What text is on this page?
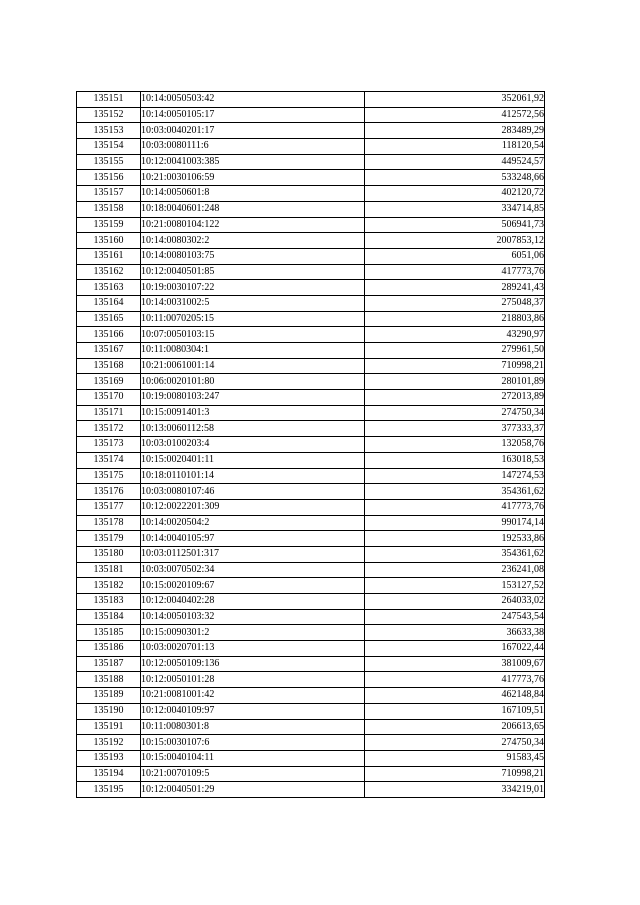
135151	10:14:0050503:42	352061,92
135152	10:14:0050105:17	412572,56
135153	10:03:0040201:17	283489,29
135154	10:03:0080111:6	118120,54
135155	10:12:0041003:385	449524,57
135156	10:21:0030106:59	533248,66
135157	10:14:0050601:8	402120,72
135158	10:18:0040601:248	334714,85
135159	10:21:0080104:122	506941,73
135160	10:14:0080302:2	2007853,12
135161	10:14:0080103:75	6051,06
135162	10:12:0040501:85	417773,76
135163	10:19:0030107:22	289241,43
135164	10:14:0031002:5	275048,37
135165	10:11:0070205:15	218803,86
135166	10:07:0050103:15	43290,97
135167	10:11:0080304:1	279961,50
135168	10:21:0061001:14	710998,21
135169	10:06:0020101:80	280101,89
135170	10:19:0080103:247	272013,89
135171	10:15:0091401:3	274750,34
135172	10:13:0060112:58	377333,37
135173	10:03:0100203:4	132058,76
135174	10:15:0020401:11	163018,53
135175	10:18:0110101:14	147274,53
135176	10:03:0080107:46	354361,62
135177	10:12:0022201:309	417773,76
135178	10:14:0020504:2	990174,14
135179	10:14:0040105:97	192533,86
135180	10:03:0112501:317	354361,62
135181	10:03:0070502:34	236241,08
135182	10:15:0020109:67	153127,52
135183	10:12:0040402:28	264033,02
135184	10:14:0050103:32	247543,54
135185	10:15:0090301:2	36633,38
135186	10:03:0020701:13	167022,44
135187	10:12:0050109:136	381009,67
135188	10:12:0050101:28	417773,76
135189	10:21:0081001:42	462148,84
135190	10:12:0040109:97	167109,51
135191	10:11:0080301:8	206613,65
135192	10:15:0030107:6	274750,34
135193	10:15:0040104:11	91583,45
135194	10:21:0070109:5	710998,21
135195	10:12:0040501:29	334219,01
